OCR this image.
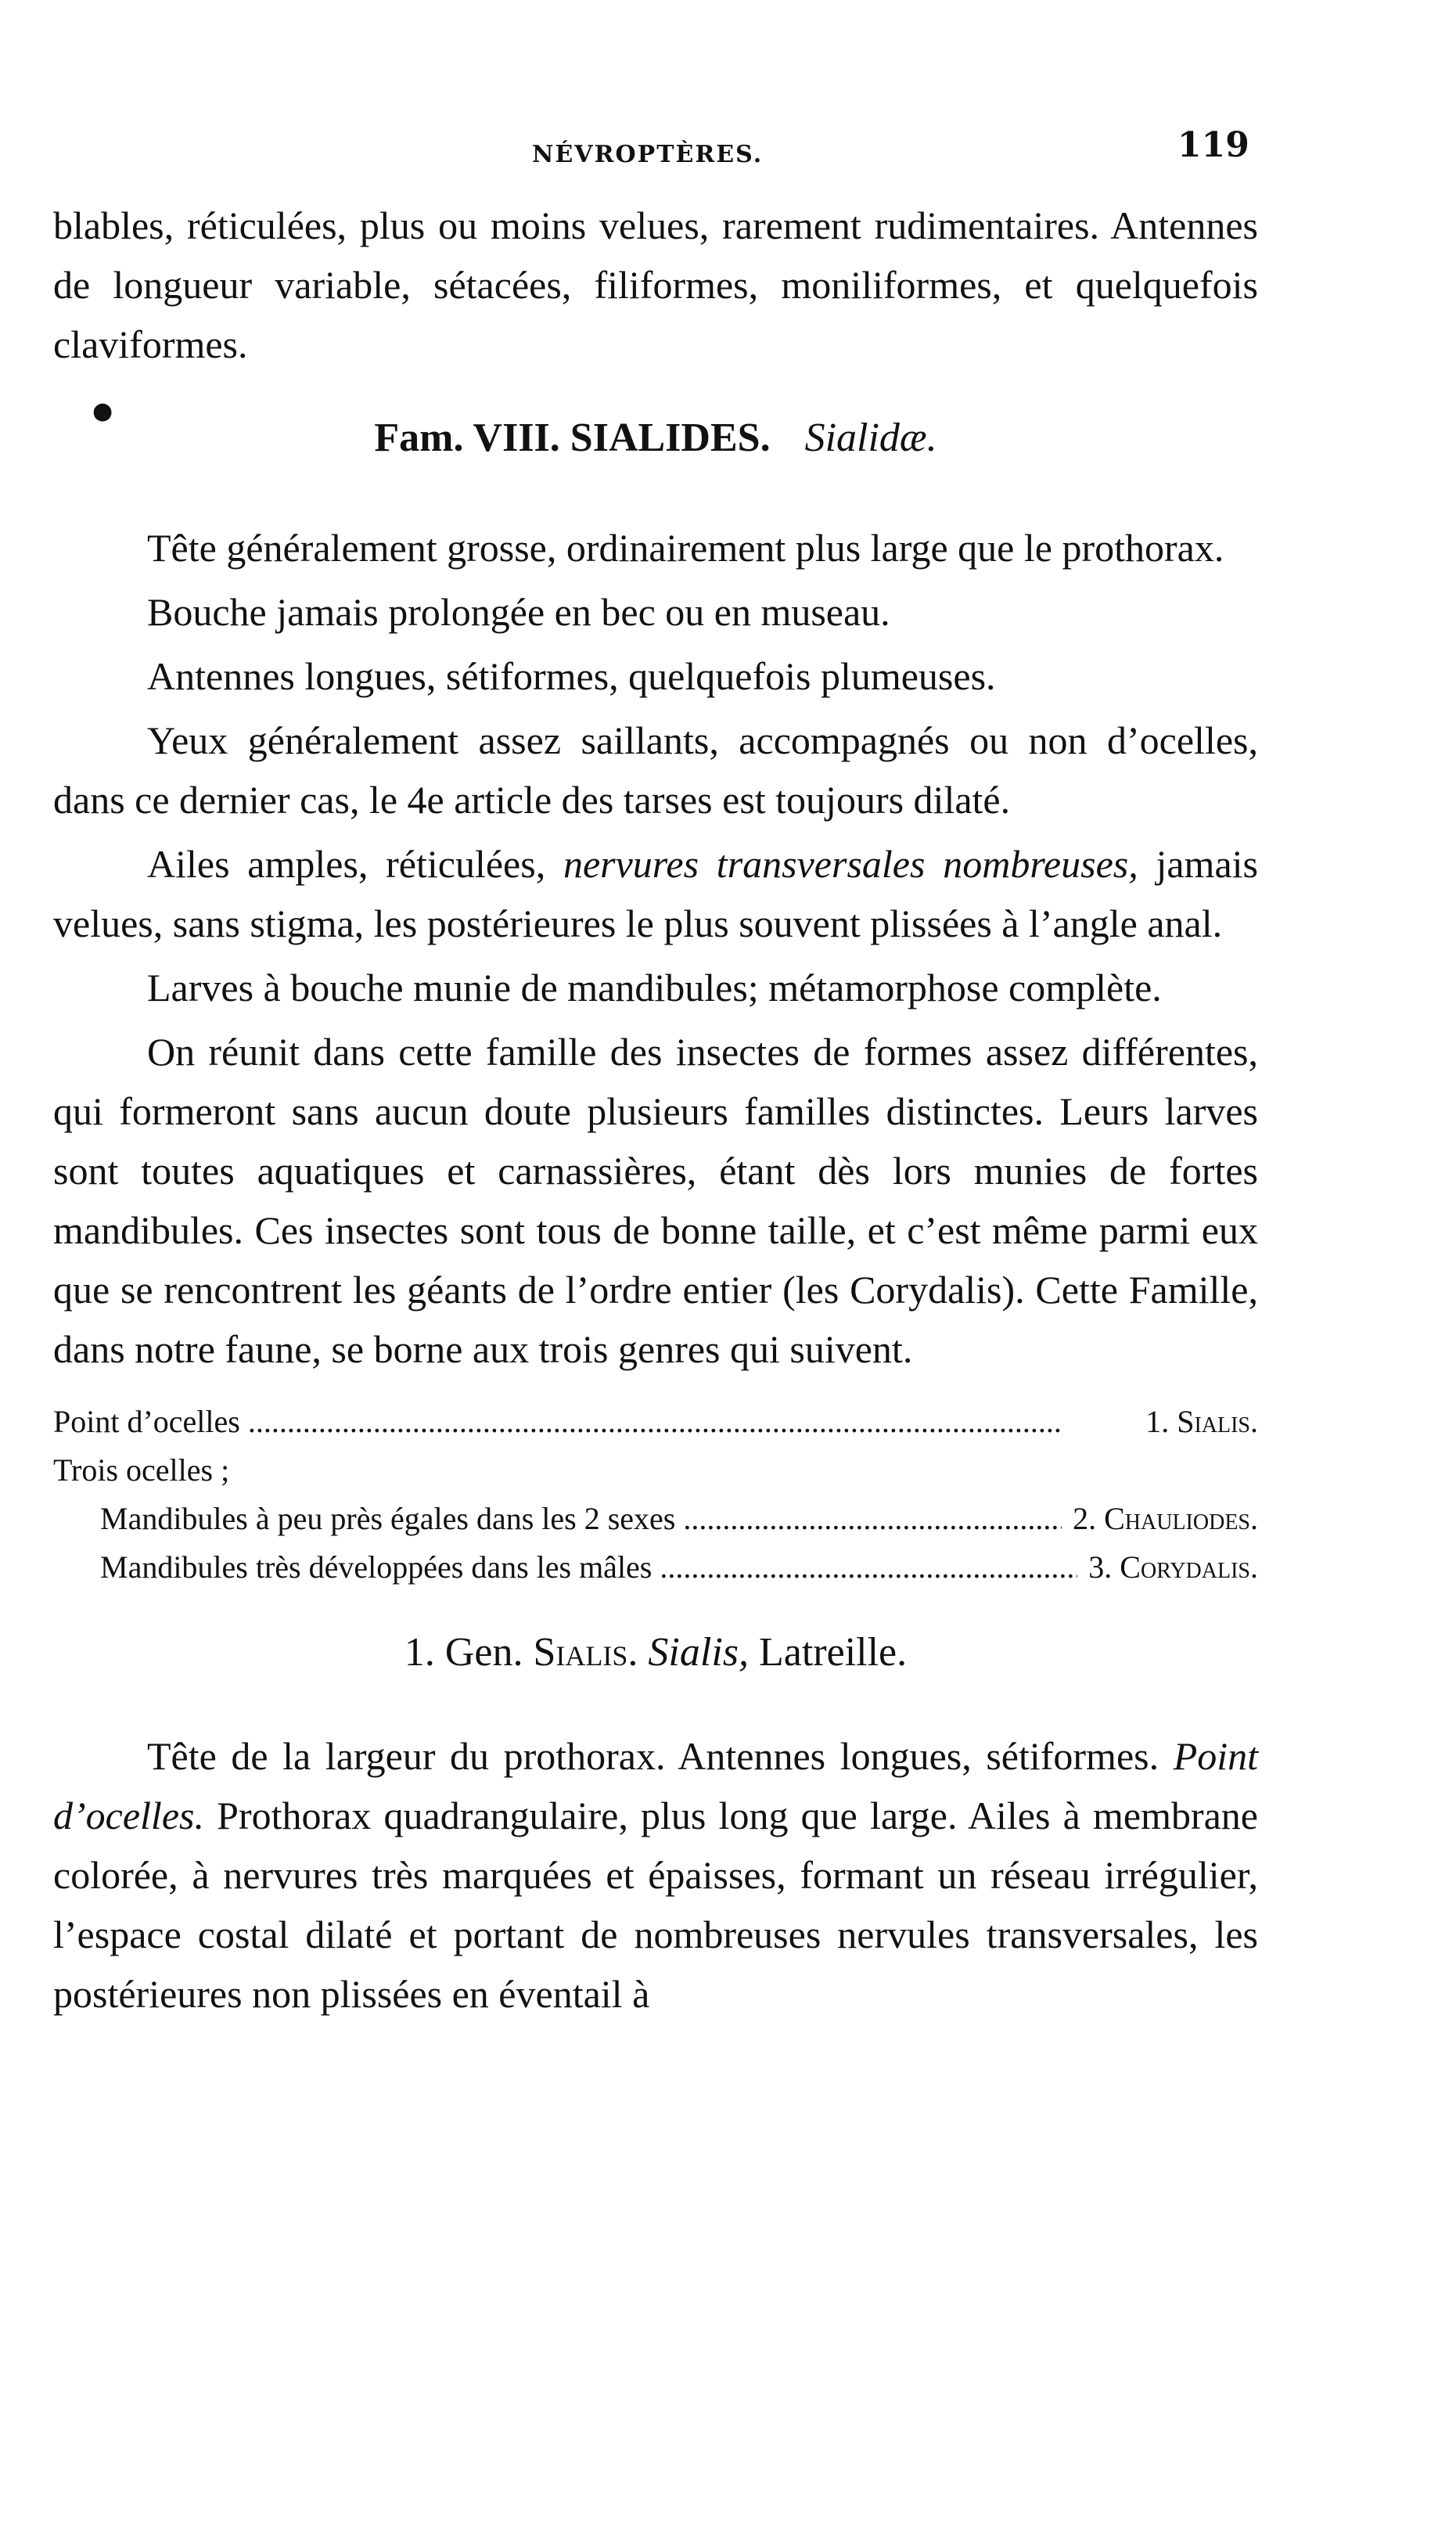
NÉVROPTÈRES.	119
●

blables, réticulées, plus ou moins velues, rarement rudimentaires. Antennes de longueur variable, sétacées, filiformes, moniliformes, et quelquefois claviformes.

Fam. VIII. SIALIDES. Sialidæ.

Tête généralement grosse, ordinairement plus large que le prothorax.

Bouche jamais prolongée en bec ou en museau.

Antennes longues, sétiformes, quelquefois plumeuses.

Yeux généralement assez saillants, accompagnés ou non d’ocelles, dans ce dernier cas, le 4e article des tarses est toujours dilaté.

Ailes amples, réticulées, nervures transversales nombreuses, jamais velues, sans stigma, les postérieures le plus souvent plissées à l’angle anal.

Larves à bouche munie de mandibules; métamorphose complète.

On réunit dans cette famille des insectes de formes assez différentes, qui formeront sans aucun doute plusieurs familles distinctes. Leurs larves sont toutes aquatiques et carnassières, étant dès lors munies de fortes mandibules. Ces insectes sont tous de bonne taille, et c’est même parmi eux que se rencontrent les géants de l’ordre entier (les Corydalis). Cette Famille, dans notre faune, se borne aux trois genres qui suivent.

Point d’ocelles .....	1. Sialis.
Trois ocelles ;
Mandibules à peu près égales dans les 2 sexes .....	2. Chauliodes.
Mandibules très développées dans les mâles .....	3. Corydalis.
1. Gen. Sialis. Sialis, Latreille.

Tête de la largeur du prothorax. Antennes longues, sétiformes. Point d’ocelles. Prothorax quadrangulaire, plus long que large. Ailes à membrane colorée, à nervures très marquées et épaisses, formant un réseau irrégulier, l’espace costal dilaté et portant de nombreuses nervules transversales, les postérieures non plissées en éventail à
